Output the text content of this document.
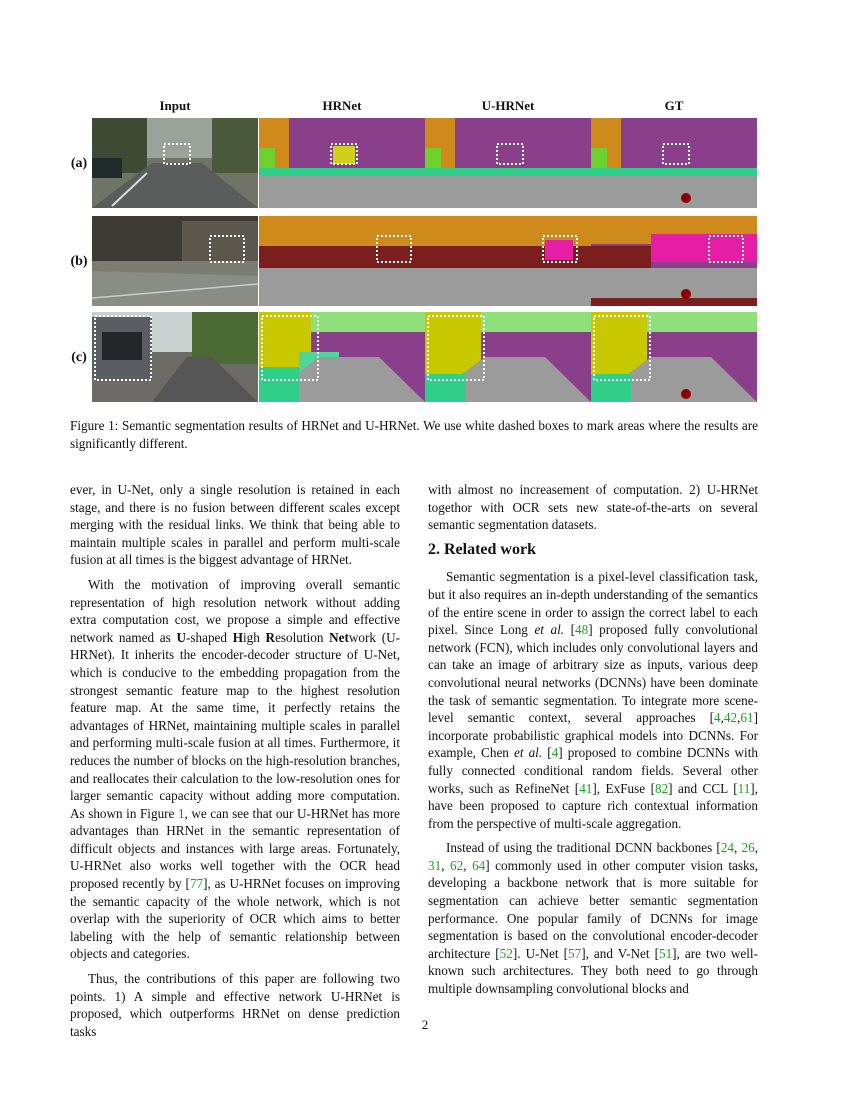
Input	HRNet	U-HRNet	GT
(a)
(b)
(c)
Figure 1: Semantic segmentation results of HRNet and U-HRNet. We use white dashed boxes to mark areas where the results are significantly different.

ever, in U-Net, only a single resolution is retained in each stage, and there is no fusion between different scales except merging with the residual links. We think that being able to maintain multiple scales in parallel and perform multi-scale fusion at all times is the biggest advantage of HRNet.

With the motivation of improving overall semantic representation of high resolution network without adding extra computation cost, we propose a simple and effective network named as U-shaped High Resolution Network (U-HRNet). It inherits the encoder-decoder structure of U-Net, which is conducive to the embedding propagation from the strongest semantic feature map to the highest resolution feature map. At the same time, it perfectly retains the advantages of HRNet, maintaining multiple scales in parallel and performing multi-scale fusion at all times. Furthermore, it reduces the number of blocks on the high-resolution branches, and reallocates their calculation to the low-resolution ones for larger semantic capacity without adding more computation. As shown in Figure 1, we can see that our U-HRNet has more advantages than HRNet in the semantic representation of difficult objects and instances with large areas. Fortunately, U-HRNet also works well together with the OCR head proposed recently by [77], as U-HRNet focuses on improving the semantic capacity of the whole network, which is not overlap with the superiority of OCR which aims to better labeling with the help of semantic relationship between objects and categories.

Thus, the contributions of this paper are following two points. 1) A simple and effective network U-HRNet is proposed, which outperforms HRNet on dense prediction tasks

with almost no increasement of computation. 2) U-HRNet togethor with OCR sets new state-of-the-arts on several semantic segmentation datasets.

2. Related work

Semantic segmentation is a pixel-level classification task, but it also requires an in-depth understanding of the semantics of the entire scene in order to assign the correct label to each pixel. Since Long et al. [48] proposed fully convolutional network (FCN), which includes only convolutional layers and can take an image of arbitrary size as inputs, various deep convolutional neural networks (DCNNs) have been dominate the task of semantic segmentation. To integrate more scene-level semantic context, several approaches [4,42,61] incorporate probabilistic graphical models into DCNNs. For example, Chen et al. [4] proposed to combine DCNNs with fully connected conditional random fields. Several other works, such as RefineNet [41], ExFuse [82] and CCL [11], have been proposed to capture rich contextual information from the perspective of multi-scale aggregation.

Instead of using the traditional DCNN backbones [24, 26, 31, 62, 64] commonly used in other computer vision tasks, developing a backbone network that is more suitable for segmentation can achieve better semantic segmentation performance. One popular family of DCNNs for image segmentation is based on the convolutional encoder-decoder architecture [52]. U-Net [57], and V-Net [51], are two well-known such architectures. They both need to go through multiple downsampling convolutional blocks and

2
